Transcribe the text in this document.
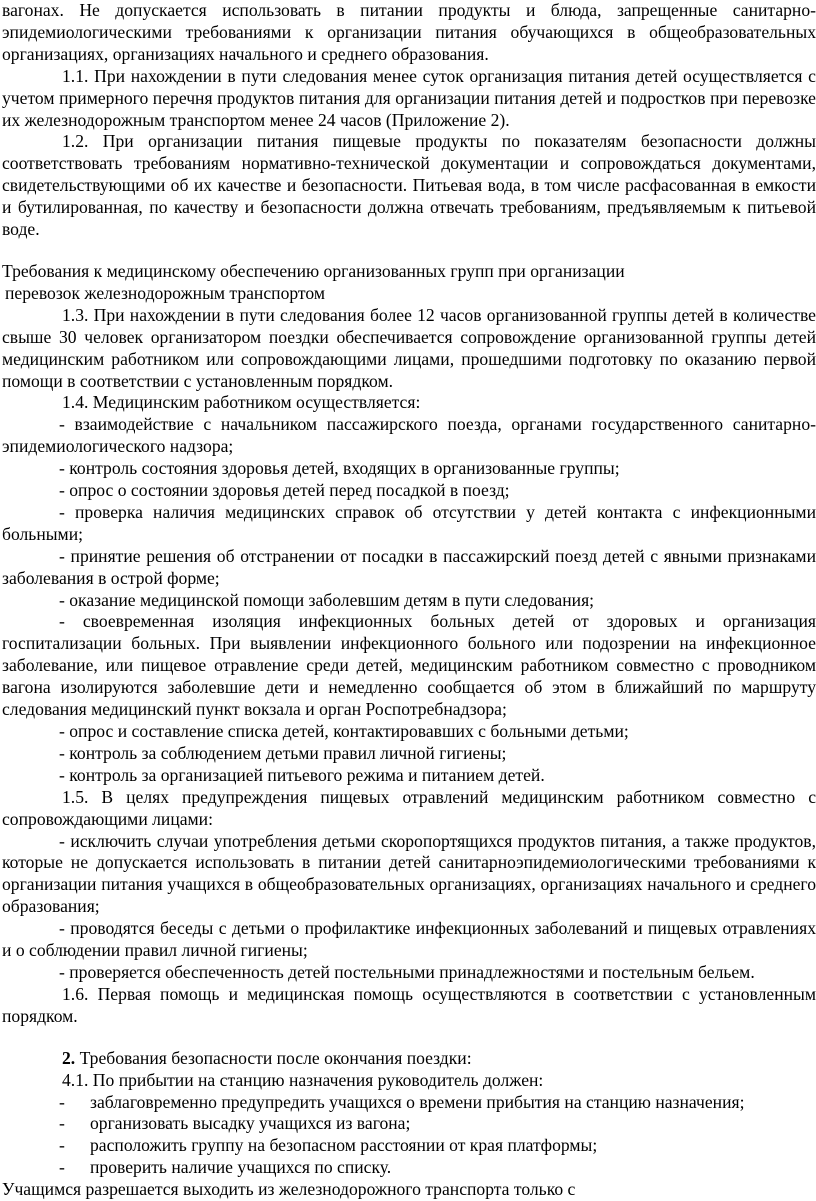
вагонах. Не допускается использовать в питании продукты и блюда, запрещенные санитарно-эпидемиологическими требованиями к организации питания обучающихся в общеобразовательных организациях, организациях начального и среднего образования.

1.1. При нахождении в пути следования менее суток организация питания детей осуществляется с учетом примерного перечня продуктов питания для организации питания детей и подростков при перевозке их железнодорожным транспортом менее 24 часов (Приложение 2).

1.2. При организации питания пищевые продукты по показателям безопасности должны соответствовать требованиям нормативно-технической документации и сопровождаться документами, свидетельствующими об их качестве и безопасности. Питьевая вода, в том числе расфасованная в емкости и бутилированная, по качеству и безопасности должна отвечать требованиям, предъявляемым к питьевой воде.

Требования к медицинскому обеспечению организованных групп при организации

перевозок железнодорожным транспортом

1.3. При нахождении в пути следования более 12 часов организованной группы детей в количестве свыше 30 человек организатором поездки обеспечивается сопровождение организованной группы детей медицинским работником или сопровождающими лицами, прошедшими подготовку по оказанию первой помощи в соответствии с установленным порядком.

1.4. Медицинским работником осуществляется:

- взаимодействие с начальником пассажирского поезда, органами государственного санитарно-эпидемиологического надзора;

- контроль состояния здоровья детей, входящих в организованные группы;

- опрос о состоянии здоровья детей перед посадкой в поезд;

- проверка наличия медицинских справок об отсутствии у детей контакта с инфекционными больными;

- принятие решения об отстранении от посадки в пассажирский поезд детей с явными признаками заболевания в острой форме;

- оказание медицинской помощи заболевшим детям в пути следования;

- своевременная изоляция инфекционных больных детей от здоровых и организация госпитализации больных. При выявлении инфекционного больного или подозрении на инфекционное заболевание, или пищевое отравление среди детей, медицинским работником совместно с проводником вагона изолируются заболевшие дети и немедленно сообщается об этом в ближайший по маршруту следования медицинский пункт вокзала и орган Роспотребнадзора;

- опрос и составление списка детей, контактировавших с больными детьми;

- контроль за соблюдением детьми правил личной гигиены;

- контроль за организацией питьевого режима и питанием детей.

1.5. В целях предупреждения пищевых отравлений медицинским работником совместно с сопровождающими лицами:

- исключить случаи употребления детьми скоропортящихся продуктов питания, а также продуктов, которые не допускается использовать в питании детей санитарноэпидемиологическими требованиями к организации питания учащихся в общеобразовательных организациях, организациях начального и среднего образования;

- проводятся беседы с детьми о профилактике инфекционных заболеваний и пищевых отравлениях и о соблюдении правил личной гигиены;

- проверяется обеспеченность детей постельными принадлежностями и постельным бельем.

1.6. Первая помощь и медицинская помощь осуществляются в соответствии с установленным порядком.

2. Требования безопасности после окончания поездки:

4.1. По прибытии на станцию назначения руководитель должен:

- заблаговременно предупредить учащихся о времени прибытия на станцию назначения;

- организовать высадку учащихся из вагона;

- расположить группу на безопасном расстоянии от края платформы;

- проверить наличие учащихся по списку.

Учащимся разрешается выходить из железнодорожного транспорта только с
